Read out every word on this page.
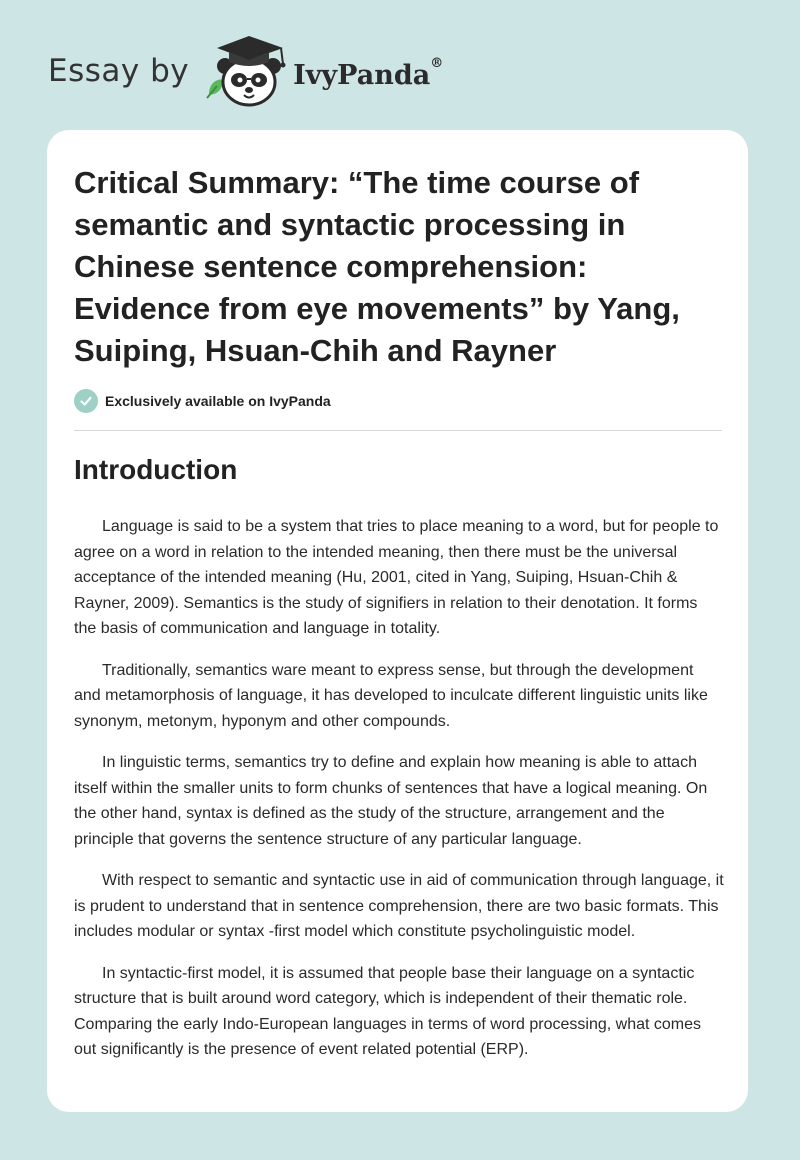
Essay by	IvyPanda®
Critical Summary: “The time course of semantic and syntactic processing in Chinese sentence comprehension: Evidence from eye movements” by Yang, Suiping, Hsuan-Chih and Rayner
Exclusively available on IvyPanda
Introduction

Language is said to be a system that tries to place meaning to a word, but for people to agree on a word in relation to the intended meaning, then there must be the universal acceptance of the intended meaning (Hu, 2001, cited in Yang, Suiping, Hsuan-Chih & Rayner, 2009). Semantics is the study of signifiers in relation to their denotation. It forms the basis of communication and language in totality.

Traditionally, semantics ware meant to express sense, but through the development and metamorphosis of language, it has developed to inculcate different linguistic units like synonym, metonym, hyponym and other compounds.

In linguistic terms, semantics try to define and explain how meaning is able to attach itself within the smaller units to form chunks of sentences that have a logical meaning. On the other hand, syntax is defined as the study of the structure, arrangement and the principle that governs the sentence structure of any particular language.

With respect to semantic and syntactic use in aid of communication through language, it is prudent to understand that in sentence comprehension, there are two basic formats. This includes modular or syntax -first model which constitute psycholinguistic model.

In syntactic-first model, it is assumed that people base their language on a syntactic structure that is built around word category, which is independent of their thematic role. Comparing the early Indo-European languages in terms of word processing, what comes out significantly is the presence of event related potential (ERP).
